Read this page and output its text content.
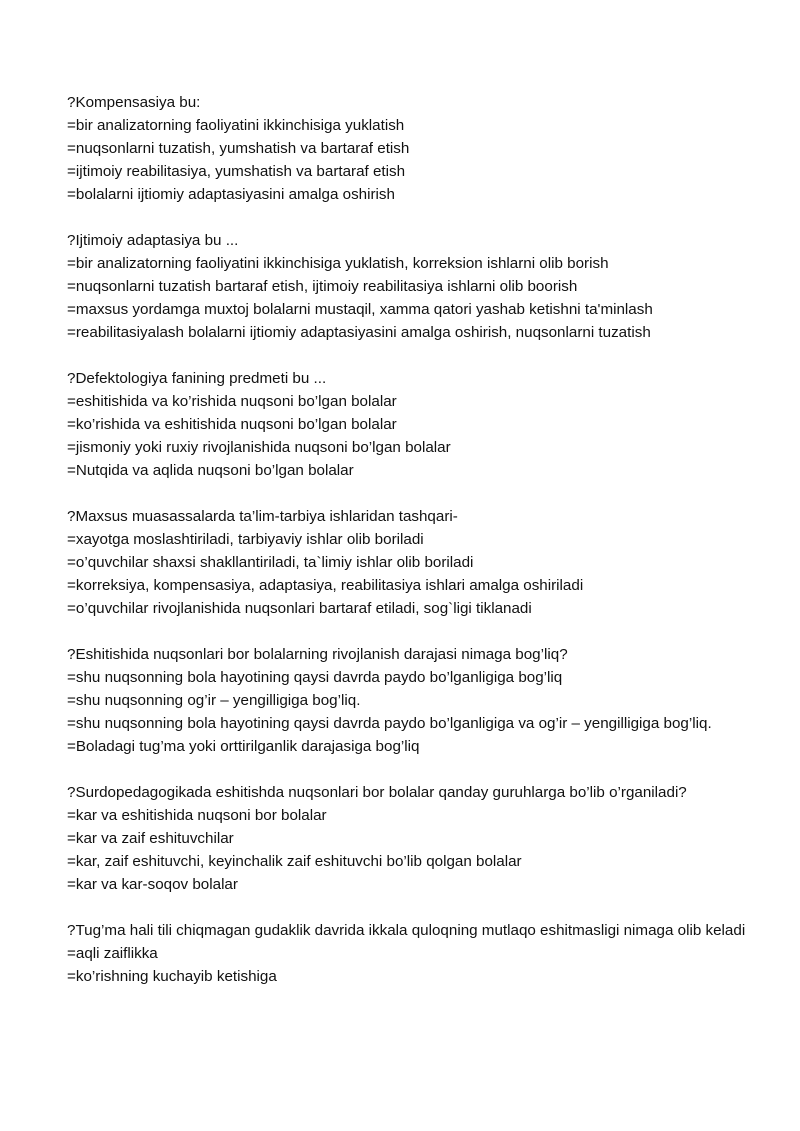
?Kompensasiya bu:
=bir analizatorning faoliyatini ikkinchisiga yuklatish
=nuqsonlarni tuzatish, yumshatish va bartaraf etish
=ijtimoiy reabilitasiya, yumshatish va bartaraf etish
=bolalarni ijtiomiy adaptasiyasini amalga oshirish
?Ijtimoiy adaptasiya bu ...
=bir analizatorning faoliyatini ikkinchisiga yuklatish, korreksion ishlarni olib borish
=nuqsonlarni tuzatish bartaraf etish, ijtimoiy reabilitasiya ishlarni olib boorish
=maxsus yordamga muxtoj bolalarni mustaqil, xamma qatori yashab ketishni ta'minlash
=reabilitasiyalash bolalarni ijtiomiy adaptasiyasini amalga oshirish, nuqsonlarni tuzatish
?Defektologiya fanining predmeti bu ...
=eshitishida va ko’rishida nuqsoni bo’lgan bolalar
=ko’rishida va eshitishida nuqsoni bo’lgan bolalar
=jismoniy yoki ruxiy rivojlanishida nuqsoni bo’lgan bolalar
=Nutqida va aqlida nuqsoni bo’lgan bolalar
?Maxsus muasassalarda ta’lim-tarbiya ishlaridan tashqari-
=xayotga moslashtiriladi, tarbiyaviy ishlar olib boriladi
=o’quvchilar shaxsi shakllantiriladi, ta`limiy ishlar olib boriladi
=korreksiya, kompensasiya, adaptasiya, reabilitasiya ishlari amalga oshiriladi
=o’quvchilar rivojlanishida nuqsonlari bartaraf etiladi, sog`ligi tiklanadi
?Eshitishida nuqsonlari bor bolalarning rivojlanish darajasi nimaga bog’liq?
=shu nuqsonning bola hayotining qaysi davrda paydo bo’lganligiga bog’liq
=shu nuqsonning og’ir – yengilligiga bog’liq.
=shu nuqsonning bola hayotining qaysi davrda paydo bo’lganligiga va og’ir – yengilligiga bog’liq.
=Boladagi tug’ma yoki orttirilganlik darajasiga bog’liq
?Surdopedagogikada eshitishda nuqsonlari bor bolalar qanday guruhlarga bo’lib o’rganiladi?
=kar va eshitishida nuqsoni bor bolalar
=kar va zaif eshituvchilar
=kar, zaif eshituvchi, keyinchalik zaif eshituvchi bo’lib qolgan bolalar
=kar va kar-soqov bolalar
?Tug’ma hali tili chiqmagan gudaklik davrida ikkala quloqning mutlaqo eshitmasligi nimaga olib keladi
=aqli zaiflikka
=ko’rishning kuchayib ketishiga
